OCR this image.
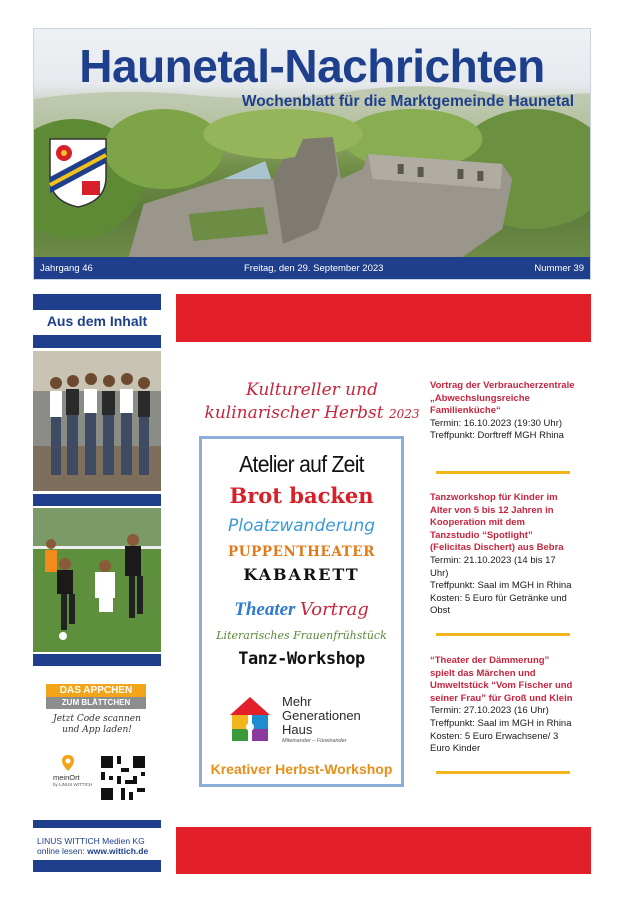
Haunetal-Nachrichten
Wochenblatt für die Marktgemeinde Haunetal
Jahrgang 46	Freitag, den 29. September 2023	Nummer 39
Aus dem Inhalt
DAS APPCHEN
ZUM BLÄTTCHEN
Jetzt Code scannen
und App laden!
meinOrt
by LINUS WITTICH
LINUS WITTICH Medien KG
online lesen: www.wittich.de
Kultureller und
kulinarischer Herbst 2023
Atelier auf Zeit
Brot backen
Ploatzwanderung
PUPPENTHEATER
KABARETT
Theater Vortrag
Literarisches Frauenfrühstück
Tanz-Workshop
Mehr
Generationen
Haus
Miteinander – Füreinander
Kreativer Herbst-Workshop
Vortrag der Verbraucherzentrale „Abwechslungsreiche Familienküche“
Termin: 16.10.2023 (19:30 Uhr)
Treffpunkt: Dorftreff MGH Rhina
Tanzworkshop für Kinder im Alter von 5 bis 12 Jahren in Kooperation mit dem Tanzstudio “Spotlight” (Felicitas Dischert) aus Bebra
Termin: 21.10.2023 (14 bis 17 Uhr)
Treffpunkt: Saal im MGH in Rhina
Kosten: 5 Euro für Getränke und Obst
“Theater der Dämmerung” spielt das Märchen und Umweltstück “Vom Fischer und seiner Frau” für Groß und Klein
Termin: 27.10.2023 (16 Uhr)
Treffpunkt: Saal im MGH in Rhina
Kosten: 5 Euro Erwachsene/ 3 Euro Kinder
